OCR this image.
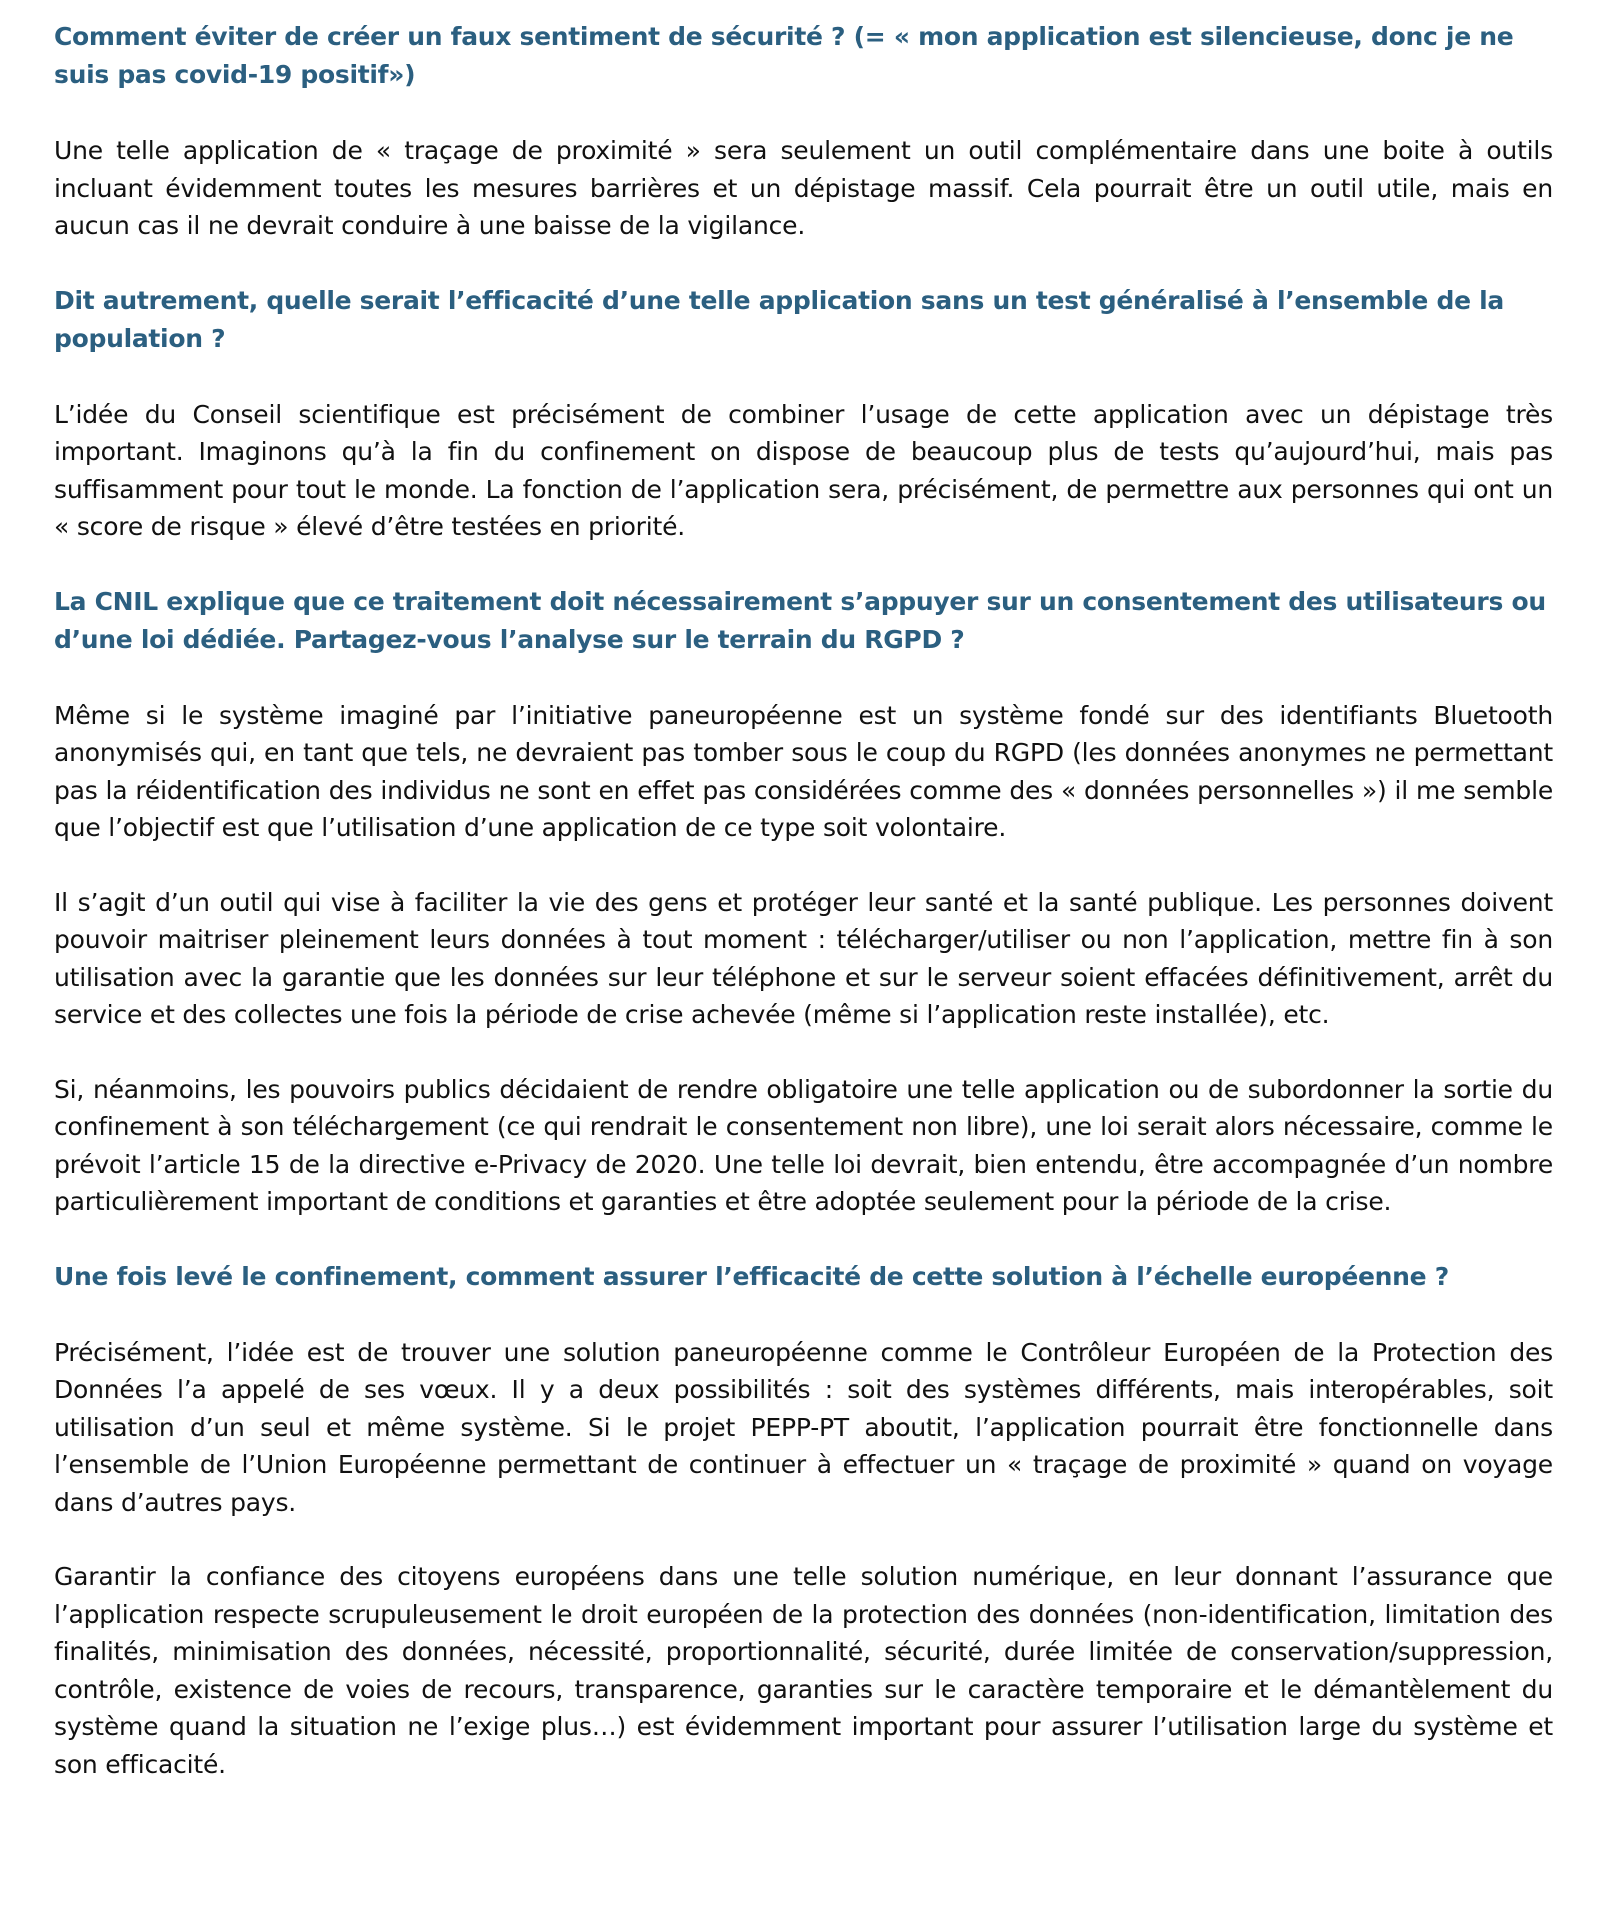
Comment éviter de créer un faux sentiment de sécurité ? (= « mon application est silencieuse, donc je ne suis pas covid-19 positif»)

Une telle application de « traçage de proximité » sera seulement un outil complémentaire dans une boite à outils incluant évidemment toutes les mesures barrières et un dépistage massif. Cela pourrait être un outil utile, mais en aucun cas il ne devrait conduire à une baisse de la vigilance.

Dit autrement, quelle serait l’efficacité d’une telle application sans un test généralisé à l’ensemble de la population ?

L’idée du Conseil scientifique est précisément de combiner l’usage de cette application avec un dépistage très important. Imaginons qu’à la fin du confinement on dispose de beaucoup plus de tests qu’aujourd’hui, mais pas suffisamment pour tout le monde. La fonction de l’application sera, précisément, de permettre aux personnes qui ont un « score de risque » élevé d’être testées en priorité.

La CNIL explique que ce traitement doit nécessairement s’appuyer sur un consentement des utilisateurs ou d’une loi dédiée. Partagez-vous l’analyse sur le terrain du RGPD ?

Même si le système imaginé par l’initiative paneuropéenne est un système fondé sur des identifiants Bluetooth anonymisés qui, en tant que tels, ne devraient pas tomber sous le coup du RGPD (les données anonymes ne permettant pas la réidentification des individus ne sont en effet pas considérées comme des « données personnelles ») il me semble que l’objectif est que l’utilisation d’une application de ce type soit volontaire.

Il s’agit d’un outil qui vise à faciliter la vie des gens et protéger leur santé et la santé publique. Les personnes doivent pouvoir maitriser pleinement leurs données à tout moment : télécharger/utiliser ou non l’application, mettre fin à son utilisation avec la garantie que les données sur leur téléphone et sur le serveur soient effacées définitivement, arrêt du service et des collectes une fois la période de crise achevée (même si l’application reste installée), etc.

Si, néanmoins, les pouvoirs publics décidaient de rendre obligatoire une telle application ou de subordonner la sortie du confinement à son téléchargement (ce qui rendrait le consentement non libre), une loi serait alors nécessaire, comme le prévoit l’article 15 de la directive e-Privacy de 2020. Une telle loi devrait, bien entendu, être accompagnée d’un nombre particulièrement important de conditions et garanties et être adoptée seulement pour la période de la crise.

Une fois levé le confinement, comment assurer l’efficacité de cette solution à l’échelle européenne ?

Précisément, l’idée est de trouver une solution paneuropéenne comme le Contrôleur Européen de la Protection des Données l’a appelé de ses vœux. Il y a deux possibilités : soit des systèmes différents, mais interopérables, soit utilisation d’un seul et même système. Si le projet PEPP-PT aboutit, l’application pourrait être fonctionnelle dans l’ensemble de l’Union Européenne permettant de continuer à effectuer un « traçage de proximité » quand on voyage dans d’autres pays.

Garantir la confiance des citoyens européens dans une telle solution numérique, en leur donnant l’assurance que l’application respecte scrupuleusement le droit européen de la protection des données (non-identification, limitation des finalités, minimisation des données, nécessité, proportionnalité, sécurité, durée limitée de conservation/suppression, contrôle, existence de voies de recours, transparence, garanties sur le caractère temporaire et le démantèlement du système quand la situation ne l’exige plus…) est évidemment important pour assurer l’utilisation large du système et son efficacité.
